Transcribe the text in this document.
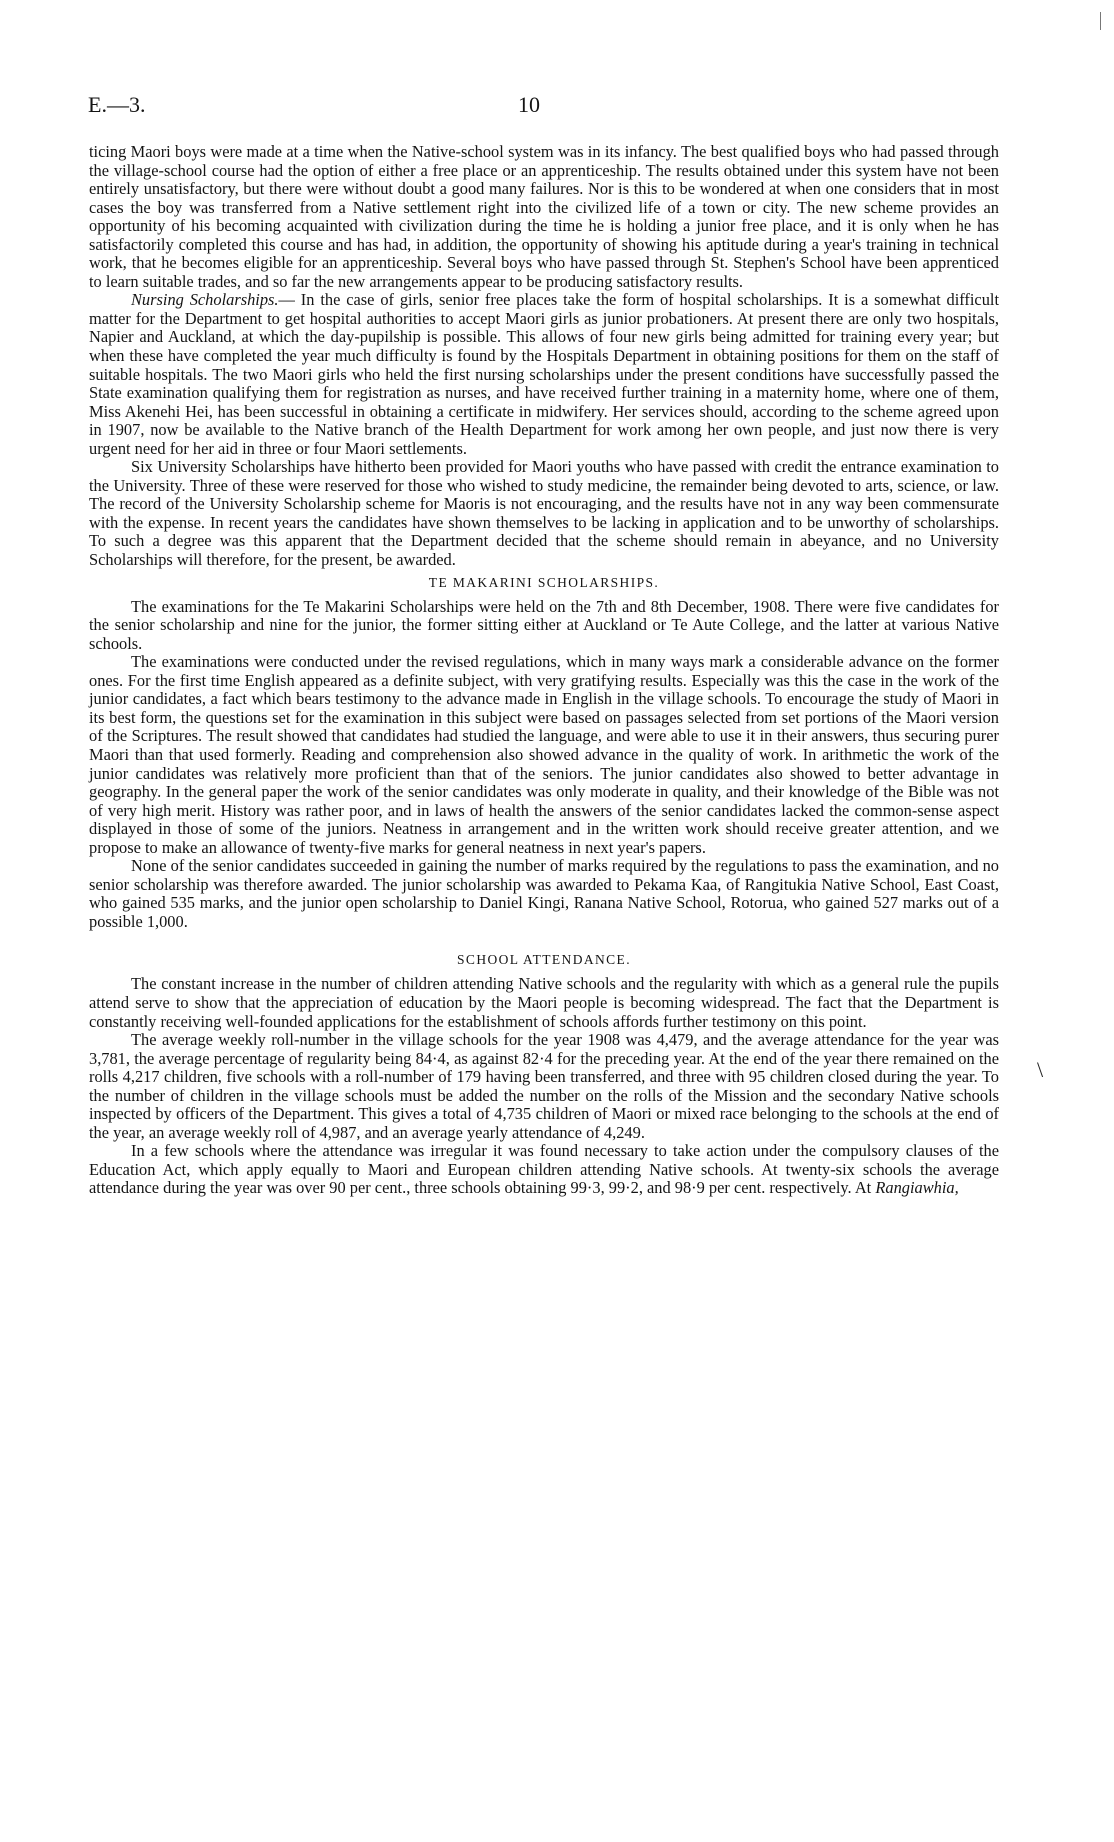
\
E.—3.	10

ticing Maori boys were made at a time when the Native-school system was in its infancy. The best qualified boys who had passed through the village-school course had the option of either a free place or an apprenticeship. The results obtained under this system have not been entirely unsatisfactory, but there were without doubt a good many failures. Nor is this to be wondered at when one considers that in most cases the boy was transferred from a Native settlement right into the civilized life of a town or city. The new scheme provides an opportunity of his becoming acquainted with civilization during the time he is holding a junior free place, and it is only when he has satisfactorily completed this course and has had, in addition, the opportunity of showing his aptitude during a year's training in technical work, that he becomes eligible for an apprenticeship. Several boys who have passed through St. Stephen's School have been apprenticed to learn suitable trades, and so far the new arrangements appear to be producing satisfactory results.

Nursing Scholarships.— In the case of girls, senior free places take the form of hospital scholarships. It is a somewhat difficult matter for the Department to get hospital authorities to accept Maori girls as junior probationers. At present there are only two hospitals, Napier and Auckland, at which the day-pupilship is possible. This allows of four new girls being admitted for training every year; but when these have completed the year much difficulty is found by the Hospitals Department in obtaining positions for them on the staff of suitable hospitals. The two Maori girls who held the first nursing scholarships under the present conditions have successfully passed the State examination qualifying them for registration as nurses, and have received further training in a maternity home, where one of them, Miss Akenehi Hei, has been successful in obtaining a certificate in midwifery. Her services should, according to the scheme agreed upon in 1907, now be available to the Native branch of the Health Department for work among her own people, and just now there is very urgent need for her aid in three or four Maori settlements.

Six University Scholarships have hitherto been provided for Maori youths who have passed with credit the entrance examination to the University. Three of these were reserved for those who wished to study medicine, the remainder being devoted to arts, science, or law. The record of the University Scholarship scheme for Maoris is not encouraging, and the results have not in any way been commensurate with the expense. In recent years the candidates have shown themselves to be lacking in application and to be unworthy of scholarships. To such a degree was this apparent that the Department decided that the scheme should remain in abeyance, and no University Scholarships will therefore, for the present, be awarded.

TE MAKARINI SCHOLARSHIPS.

The examinations for the Te Makarini Scholarships were held on the 7th and 8th December, 1908. There were five candidates for the senior scholarship and nine for the junior, the former sitting either at Auckland or Te Aute College, and the latter at various Native schools.

The examinations were conducted under the revised regulations, which in many ways mark a considerable advance on the former ones. For the first time English appeared as a definite subject, with very gratifying results. Especially was this the case in the work of the junior candidates, a fact which bears testimony to the advance made in English in the village schools. To encourage the study of Maori in its best form, the questions set for the examination in this subject were based on passages selected from set portions of the Maori version of the Scriptures. The result showed that candidates had studied the language, and were able to use it in their answers, thus securing purer Maori than that used formerly. Reading and comprehension also showed advance in the quality of work. In arithmetic the work of the junior candidates was relatively more proficient than that of the seniors. The junior candidates also showed to better advantage in geography. In the general paper the work of the senior candidates was only moderate in quality, and their knowledge of the Bible was not of very high merit. History was rather poor, and in laws of health the answers of the senior candidates lacked the common-sense aspect displayed in those of some of the juniors. Neatness in arrangement and in the written work should receive greater attention, and we propose to make an allowance of twenty-five marks for general neatness in next year's papers.

None of the senior candidates succeeded in gaining the number of marks required by the regulations to pass the examination, and no senior scholarship was therefore awarded. The junior scholarship was awarded to Pekama Kaa, of Rangitukia Native School, East Coast, who gained 535 marks, and the junior open scholarship to Daniel Kingi, Ranana Native School, Rotorua, who gained 527 marks out of a possible 1,000.

SCHOOL ATTENDANCE.

The constant increase in the number of children attending Native schools and the regularity with which as a general rule the pupils attend serve to show that the appreciation of education by the Maori people is becoming widespread. The fact that the Department is constantly receiving well-founded applications for the establishment of schools affords further testimony on this point.

The average weekly roll-number in the village schools for the year 1908 was 4,479, and the average attendance for the year was 3,781, the average percentage of regularity being 84·4, as against 82·4 for the preceding year. At the end of the year there remained on the rolls 4,217 children, five schools with a roll-number of 179 having been transferred, and three with 95 children closed during the year. To the number of children in the village schools must be added the number on the rolls of the Mission and the secondary Native schools inspected by officers of the Department. This gives a total of 4,735 children of Maori or mixed race belonging to the schools at the end of the year, an average weekly roll of 4,987, and an average yearly attendance of 4,249.

In a few schools where the attendance was irregular it was found necessary to take action under the compulsory clauses of the Education Act, which apply equally to Maori and European children attending Native schools. At twenty-six schools the average attendance during the year was over 90 per cent., three schools obtaining 99·3, 99·2, and 98·9 per cent. respectively. At Rangiawhia,
